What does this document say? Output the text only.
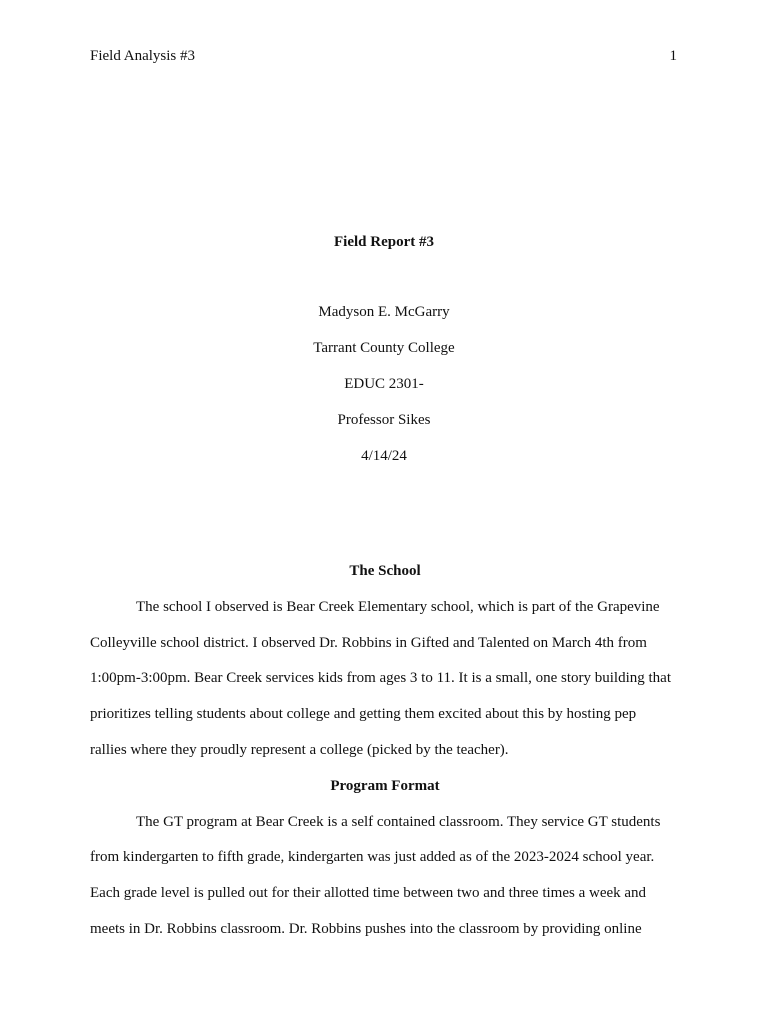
Field Analysis #3	1
Field Report #3
Madyson E. McGarry
Tarrant County College
EDUC 2301-
Professor Sikes
4/14/24
The School
The school I observed is Bear Creek Elementary school, which is part of the Grapevine
Colleyville school district. I observed Dr. Robbins in Gifted and Talented on March 4th from
1:00pm-3:00pm. Bear Creek services kids from ages 3 to 11. It is a small, one story building that
prioritizes telling students about college and getting them excited about this by hosting pep
rallies where they proudly represent a college (picked by the teacher).
Program Format
The GT program at Bear Creek is a self contained classroom. They service GT students
from kindergarten to fifth grade, kindergarten was just added as of the 2023-2024 school year.
Each grade level is pulled out for their allotted time between two and three times a week and
meets in Dr. Robbins classroom. Dr. Robbins pushes into the classroom by providing online
